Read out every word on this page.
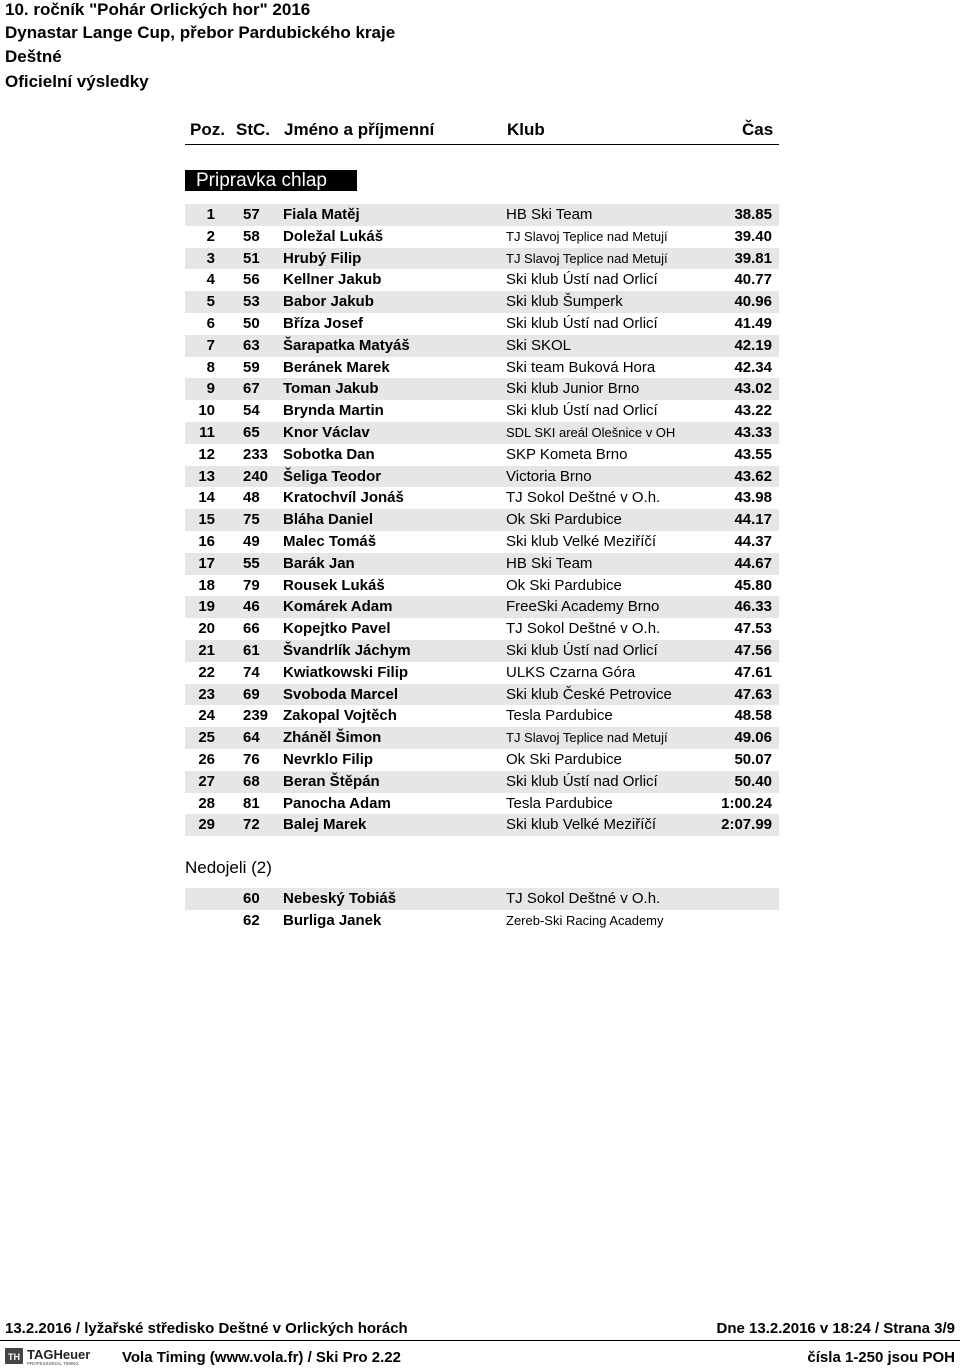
10. ročník "Pohár Orlických hor" 2016
Dynastar Lange Cup, přebor Pardubického kraje
Deštné
Oficielní výsledky
Poz. StC. Jméno a příjmenní	Klub	Čas
Pripravka chlap
1 57 Fiala Matěj	HB Ski Team	38.85
2 58 Doležal Lukáš	TJ Slavoj Teplice nad Metují	39.40
3 51 Hrubý Filip	TJ Slavoj Teplice nad Metují	39.81
4 56 Kellner Jakub	Ski klub Ústí nad Orlicí	40.77
5 53 Babor Jakub	Ski klub Šumperk	40.96
6 50 Bříza Josef	Ski klub Ústí nad Orlicí	41.49
7 63 Šarapatka Matyáš	Ski SKOL	42.19
8 59 Beránek Marek	Ski team Buková Hora	42.34
9 67 Toman Jakub	Ski klub Junior Brno	43.02
10 54 Brynda Martin	Ski klub Ústí nad Orlicí	43.22
11 65 Knor Václav	SDL SKI areál Olešnice v OH	43.33
12 233 Sobotka Dan	SKP Kometa Brno	43.55
13 240 Šeliga Teodor	Victoria Brno	43.62
14 48 Kratochvíl Jonáš	TJ Sokol Deštné v O.h.	43.98
15 75 Bláha Daniel	Ok Ski Pardubice	44.17
16 49 Malec Tomáš	Ski klub Velké Meziříčí	44.37
17 55 Barák Jan	HB Ski Team	44.67
18 79 Rousek Lukáš	Ok Ski Pardubice	45.80
19 46 Komárek Adam	FreeSki Academy Brno	46.33
20 66 Kopejtko Pavel	TJ Sokol Deštné v O.h.	47.53
21 61 Švandrlík Jáchym	Ski klub Ústí nad Orlicí	47.56
22 74 Kwiatkowski Filip	ULKS Czarna Góra	47.61
23 69 Svoboda Marcel	Ski klub České Petrovice	47.63
24 239 Zakopal Vojtěch	Tesla Pardubice	48.58
25 64 Zháněl Šimon	TJ Slavoj Teplice nad Metují	49.06
26 76 Nevrklo Filip	Ok Ski Pardubice	50.07
27 68 Beran Štěpán	Ski klub Ústí nad Orlicí	50.40
28 81 Panocha Adam	Tesla Pardubice	1:00.24
29 72 Balej Marek	Ski klub Velké Meziříčí	2:07.99
Nedojeli (2)
60 Nebeský Tobiáš	TJ Sokol Deštné v O.h.
62 Burliga Janek	Zereb-Ski Racing Academy
13.2.2016 / lyžařské středisko Deštné v Orlických horách	Dne 13.2.2016 v 18:24 / Strana 3/9
TH TAGHeuer
PROFESSIONAL TIMING	Vola Timing (www.vola.fr) / Ski Pro 2.22	čísla 1-250 jsou POH
